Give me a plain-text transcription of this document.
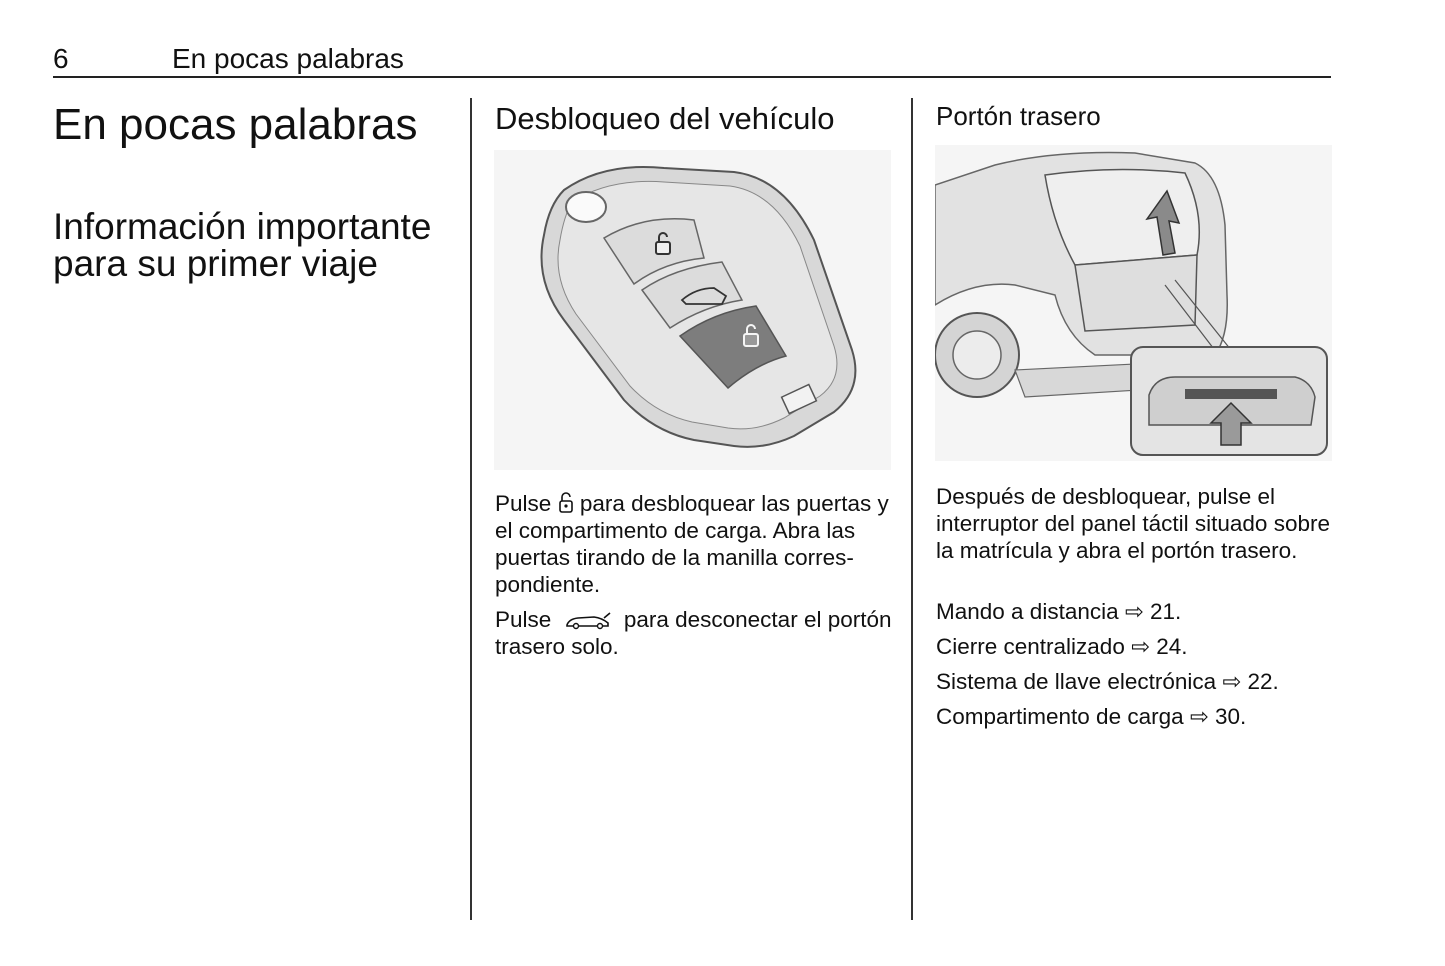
6	En pocas palabras
En pocas palabras
Información importante para su primer viaje
Desbloqueo del vehículo

Pulse para desbloquear las puertas y el compartimento de carga. Abra las puertas tirando de la manilla corres-pondiente.

Pulse	para desconectar el portón trasero solo.

Portón trasero

Después de desbloquear, pulse el interruptor del panel táctil situado sobre la matrícula y abra el portón trasero.

Mando a distancia ⇨ 21.

Cierre centralizado ⇨ 24.

Sistema de llave electrónica ⇨ 22.

Compartimento de carga ⇨ 30.
